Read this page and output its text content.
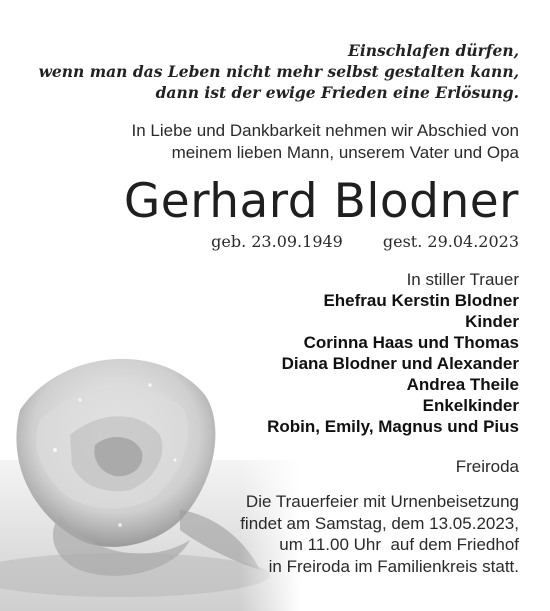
Einschlafen dürfen,
wenn man das Leben nicht mehr selbst gestalten kann,
dann ist der ewige Frieden eine Erlösung.
In Liebe und Dankbarkeit nehmen wir Abschied von
meinem lieben Mann, unserem Vater und Opa
Gerhard Blodner
geb. 23.09.1949	gest. 29.04.2023
In stiller Trauer
Ehefrau Kerstin Blodner
Kinder
Corinna Haas und Thomas
Diana Blodner und Alexander
Andrea Theile
Enkelkinder
Robin, Emily, Magnus und Pius
Freiroda
Die Trauerfeier mit Urnenbeisetzung
findet am Samstag, dem 13.05.2023,
um 11.00 Uhr  auf dem Friedhof
in Freiroda im Familienkreis statt.
